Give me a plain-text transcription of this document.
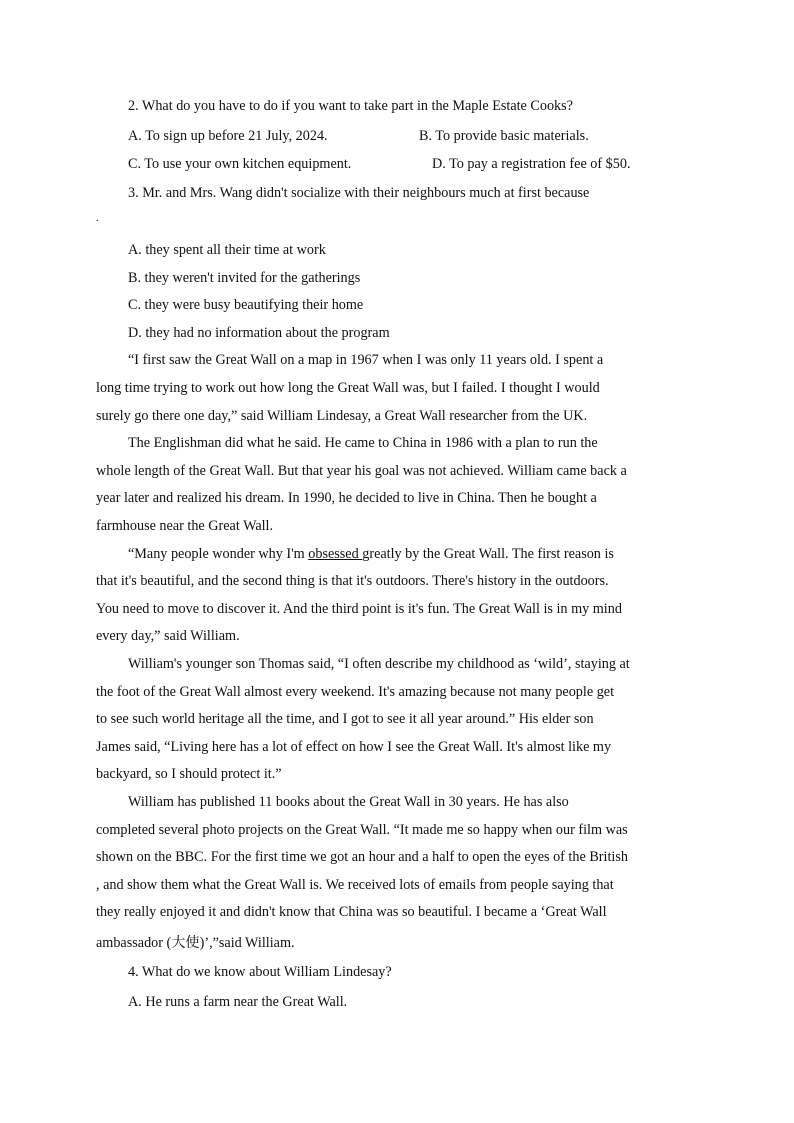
2. What do you have to do if you want to take part in the Maple Estate Cooks?
A. To sign up before 21 July, 2024.	B. To provide basic materials.
C. To use your own kitchen equipment.	D. To pay a registration fee of $50.
3. Mr. and Mrs. Wang didn't socialize with their neighbours much at first because
.
A. they spent all their time at work
B. they weren't invited for the gatherings
C. they were busy beautifying their home
D. they had no information about the program
“I first saw the Great Wall on a map in 1967 when I was only 11 years old. I spent a
long time trying to work out how long the Great Wall was, but I failed. I thought I would
surely go there one day,” said William Lindesay, a Great Wall researcher from the UK.
The Englishman did what he said. He came to China in 1986 with a plan to run the
whole length of the Great Wall. But that year his goal was not achieved. William came back a
year later and realized his dream. In 1990, he decided to live in China. Then he bought a
farmhouse near the Great Wall.
“Many people wonder why I'm obsessed greatly by the Great Wall. The first reason is
that it's beautiful, and the second thing is that it's outdoors. There's history in the outdoors.
You need to move to discover it. And the third point is it's fun. The Great Wall is in my mind
every day,” said William.
William's younger son Thomas said, “I often describe my childhood as ‘wild’, staying at
the foot of the Great Wall almost every weekend. It's amazing because not many people get
to see such world heritage all the time, and I got to see it all year around.” His elder son
James said, “Living here has a lot of effect on how I see the Great Wall. It's almost like my
backyard, so I should protect it.”
William has published 11 books about the Great Wall in 30 years. He has also
completed several photo projects on the Great Wall. “It made me so happy when our film was
shown on the BBC. For the first time we got an hour and a half to open the eyes of the British
, and show them what the Great Wall is. We received lots of emails from people saying that
they really enjoyed it and didn't know that China was so beautiful. I became a ‘Great Wall
ambassador (大使)’,”said William.
4. What do we know about William Lindesay?
A. He runs a farm near the Great Wall.
